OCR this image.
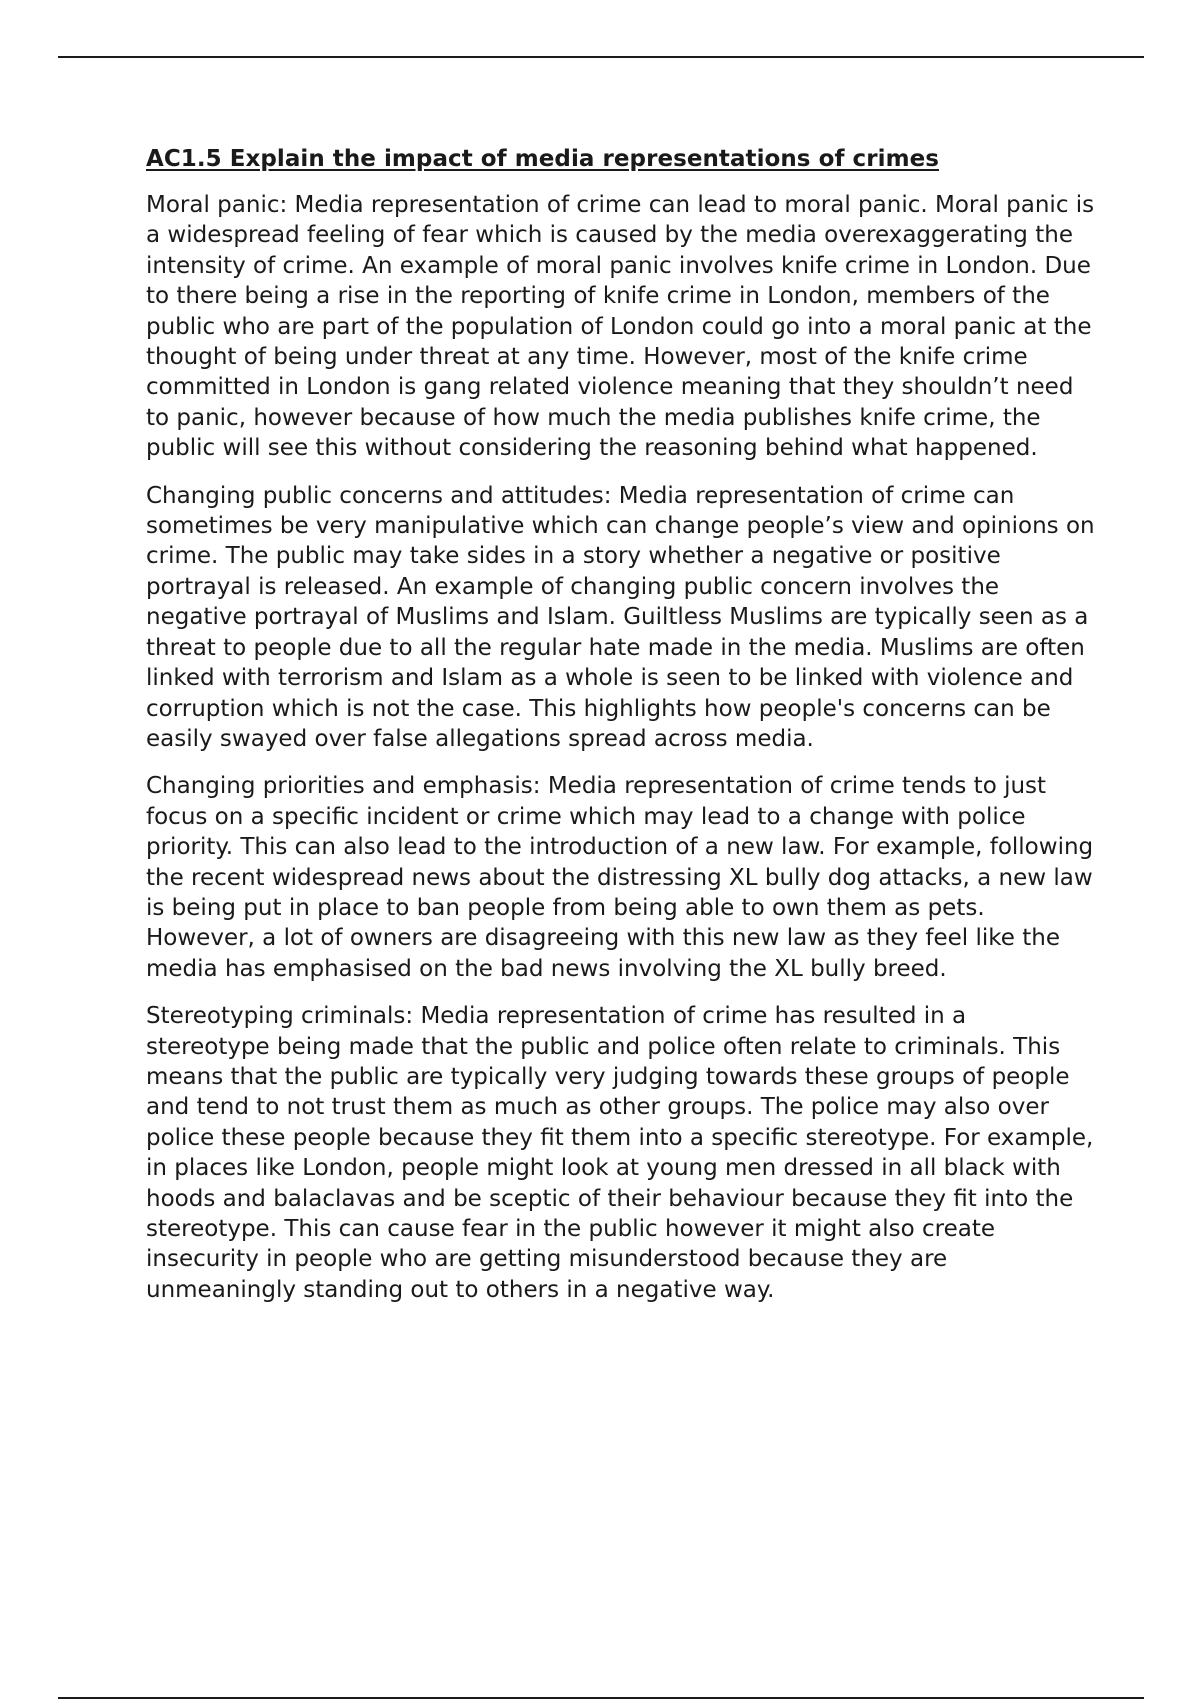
AC1.5 Explain the impact of media representations of crimes

Moral panic: Media representation of crime can lead to moral panic. Moral panic is a widespread feeling of fear which is caused by the media overexaggerating the intensity of crime. An example of moral panic involves knife crime in London. Due to there being a rise in the reporting of knife crime in London, members of the public who are part of the population of London could go into a moral panic at the thought of being under threat at any time. However, most of the knife crime committed in London is gang related violence meaning that they shouldn’t need to panic, however because of how much the media publishes knife crime, the public will see this without considering the reasoning behind what happened.

Changing public concerns and attitudes: Media representation of crime can sometimes be very manipulative which can change people’s view and opinions on crime. The public may take sides in a story whether a negative or positive portrayal is released. An example of changing public concern involves the negative portrayal of Muslims and Islam. Guiltless Muslims are typically seen as a threat to people due to all the regular hate made in the media. Muslims are often linked with terrorism and Islam as a whole is seen to be linked with violence and corruption which is not the case. This highlights how people's concerns can be easily swayed over false allegations spread across media.

Changing priorities and emphasis: Media representation of crime tends to just focus on a specific incident or crime which may lead to a change with police priority. This can also lead to the introduction of a new law. For example, following the recent widespread news about the distressing XL bully dog attacks, a new law is being put in place to ban people from being able to own them as pets. However, a lot of owners are disagreeing with this new law as they feel like the media has emphasised on the bad news involving the XL bully breed.

Stereotyping criminals: Media representation of crime has resulted in a stereotype being made that the public and police often relate to criminals. This means that the public are typically very judging towards these groups of people and tend to not trust them as much as other groups. The police may also over police these people because they fit them into a specific stereotype. For example, in places like London, people might look at young men dressed in all black with hoods and balaclavas and be sceptic of their behaviour because they fit into the stereotype. This can cause fear in the public however it might also create insecurity in people who are getting misunderstood because they are unmeaningly standing out to others in a negative way.
